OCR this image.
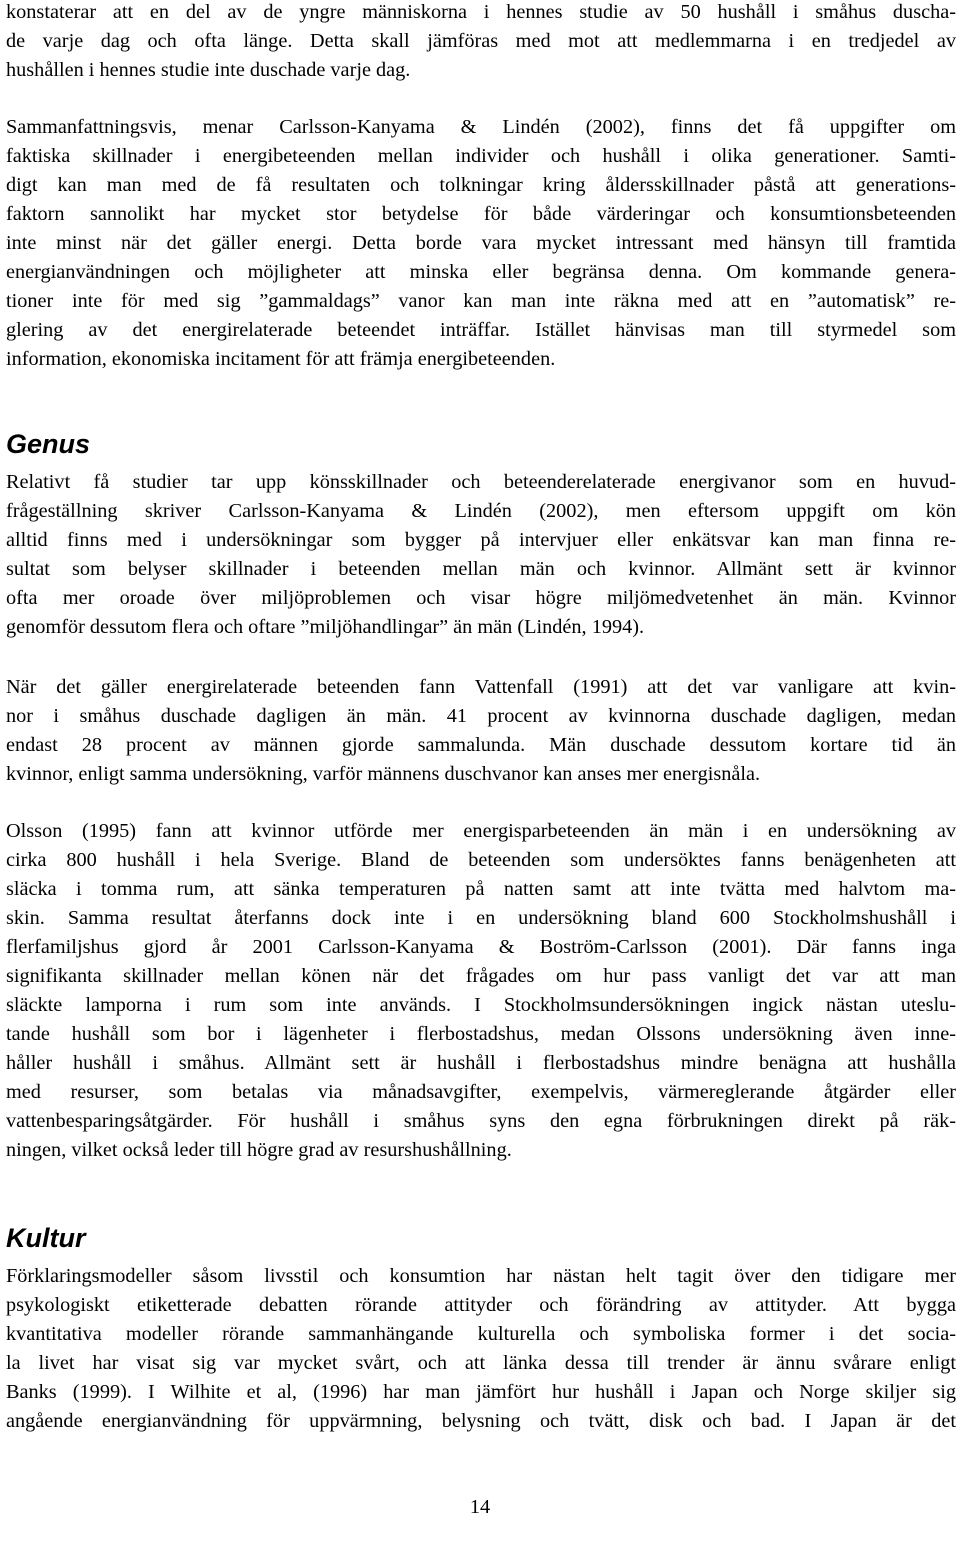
konstaterar att en del av de yngre människorna i hennes studie av 50 hushåll i småhus duscha-
de varje dag och ofta länge. Detta skall jämföras med mot att medlemmarna i en tredjedel av
hushållen i hennes studie inte duschade varje dag.
Sammanfattningsvis, menar Carlsson-Kanyama & Lindén (2002), finns det få uppgifter om
faktiska skillnader i energibeteenden mellan individer och hushåll i olika generationer. Samti-
digt kan man med de få resultaten och tolkningar kring åldersskillnader påstå att generations-
faktorn sannolikt har mycket stor betydelse för både värderingar och konsumtionsbeteenden
inte minst när det gäller energi. Detta borde vara mycket intressant med hänsyn till framtida
energianvändningen och möjligheter att minska eller begränsa denna. Om kommande genera-
tioner inte för med sig ”gammaldags” vanor kan man inte räkna med att en ”automatisk” re-
glering av det energirelaterade beteendet inträffar. Istället hänvisas man till styrmedel som
information, ekonomiska incitament för att främja energibeteenden.
Genus
Relativt få studier tar upp könsskillnader och beteenderelaterade energivanor som en huvud-
frågeställning skriver Carlsson-Kanyama & Lindén (2002), men eftersom uppgift om kön
alltid finns med i undersökningar som bygger på intervjuer eller enkätsvar kan man finna re-
sultat som belyser skillnader i beteenden mellan män och kvinnor. Allmänt sett är kvinnor
ofta mer oroade över miljöproblemen och visar högre miljömedvetenhet än män. Kvinnor
genomför dessutom flera och oftare ”miljöhandlingar” än män (Lindén, 1994).
När det gäller energirelaterade beteenden fann Vattenfall (1991) att det var vanligare att kvin-
nor i småhus duschade dagligen än män. 41 procent av kvinnorna duschade dagligen, medan
endast 28 procent av männen gjorde sammalunda. Män duschade dessutom kortare tid än
kvinnor, enligt samma undersökning, varför männens duschvanor kan anses mer energisnåla.
Olsson (1995) fann att kvinnor utförde mer energisparbeteenden än män i en undersökning av
cirka 800 hushåll i hela Sverige. Bland de beteenden som undersöktes fanns benägenheten att
släcka i tomma rum, att sänka temperaturen på natten samt att inte tvätta med halvtom ma-
skin. Samma resultat återfanns dock inte i en undersökning bland 600 Stockholmshushåll i
flerfamiljshus gjord år 2001 Carlsson-Kanyama & Boström-Carlsson (2001). Där fanns inga
signifikanta skillnader mellan könen när det frågades om hur pass vanligt det var att man
släckte lamporna i rum som inte används. I Stockholmsundersökningen ingick nästan uteslu-
tande hushåll som bor i lägenheter i flerbostadshus, medan Olssons undersökning även inne-
håller hushåll i småhus. Allmänt sett är hushåll i flerbostadshus mindre benägna att hushålla
med resurser, som betalas via månadsavgifter, exempelvis, värmereglerande åtgärder eller
vattenbesparingsåtgärder. För hushåll i småhus syns den egna förbrukningen direkt på räk-
ningen, vilket också leder till högre grad av resurshushållning.
Kultur
Förklaringsmodeller såsom livsstil och konsumtion har nästan helt tagit över den tidigare mer
psykologiskt etiketterade debatten rörande attityder och förändring av attityder. Att bygga
kvantitativa modeller rörande sammanhängande kulturella och symboliska former i det socia-
la livet har visat sig var mycket svårt, och att länka dessa till trender är ännu svårare enligt
Banks (1999). I Wilhite et al, (1996) har man jämfört hur hushåll i Japan och Norge skiljer sig
angående energianvändning för uppvärmning, belysning och tvätt, disk och bad. I Japan är det

14
